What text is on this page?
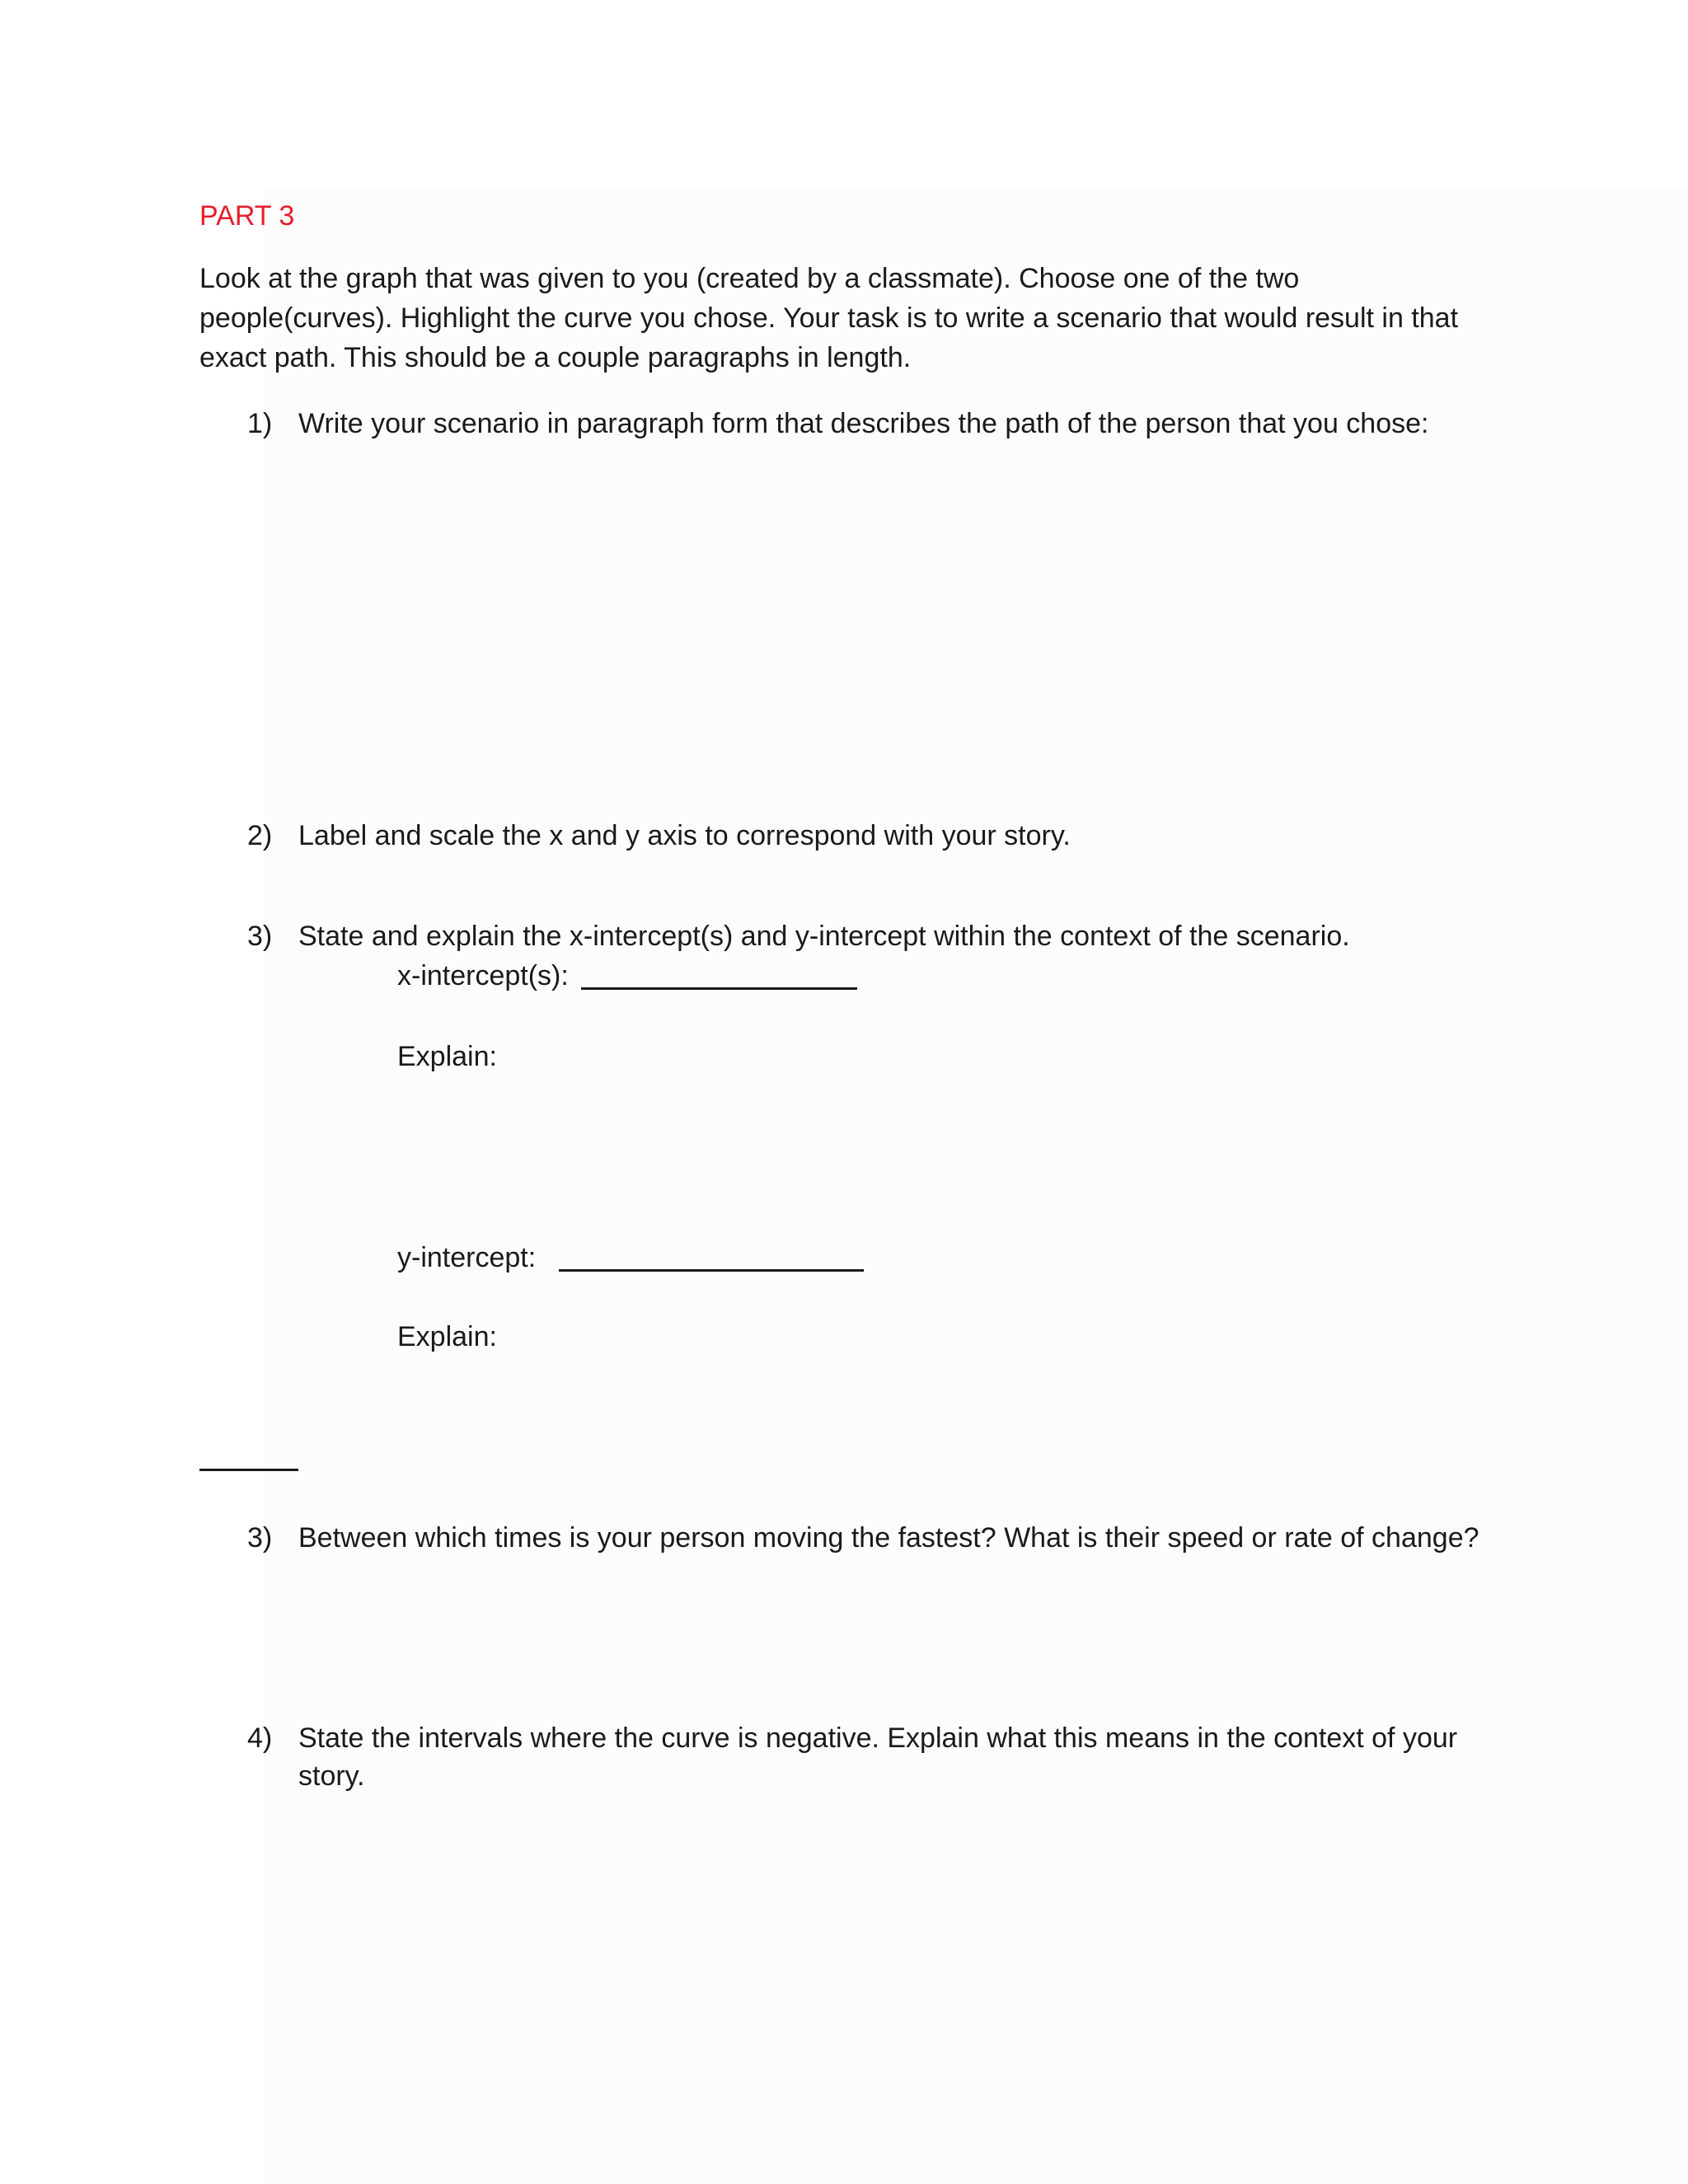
PART 3
Look at the graph that was given to you (created by a classmate). Choose one of the two
people(curves). Highlight the curve you chose. Your task is to write a scenario that would result in that
exact path. This should be a couple paragraphs in length.
1) Write your scenario in paragraph form that describes the path of the person that you chose:
2) Label and scale the x and y axis to correspond with your story.
3) State and explain the x-intercept(s) and y-intercept within the context of the scenario.
x-intercept(s):
Explain:
y-intercept:
Explain:
3) Between which times is your person moving the fastest? What is their speed or rate of change?
4) State the intervals where the curve is negative. Explain what this means in the context of your
story.
